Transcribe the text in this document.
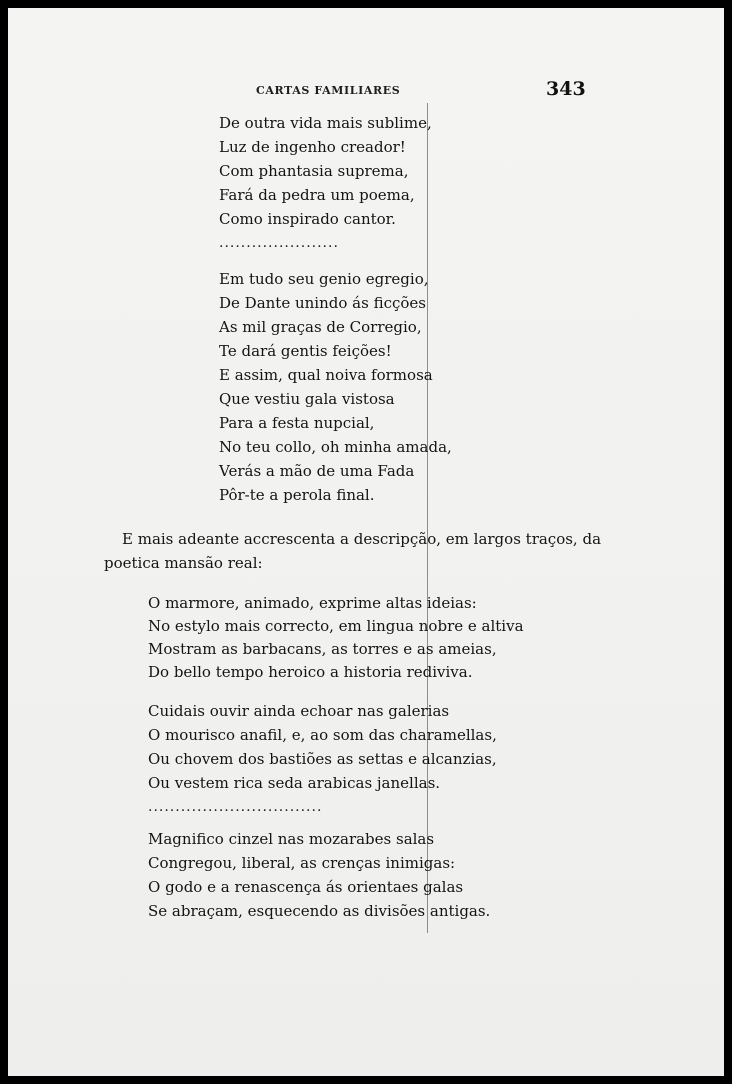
CARTAS FAMILIARES	343
De outra vida mais sublime,
Luz de ingenho creador!
Com phantasia suprema,
Fará da pedra um poema,
Como inspirado cantor.
......................
Em tudo seu genio egregio,
De Dante unindo ás ficções
As mil graças de Corregio,
Te dará gentis feições!
E assim, qual noiva formosa
Que vestiu gala vistosa
Para a festa nupcial,
No teu collo, oh minha amada,
Verás a mão de uma Fada
Pôr-te a perola final.
E mais adeante accrescenta a descripção, em largos traços, da
poetica mansão real:
O marmore, animado, exprime altas ideias:
No estylo mais correcto, em lingua nobre e altiva
Mostram as barbacans, as torres e as ameias,
Do bello tempo heroico a historia rediviva.
Cuidais ouvir ainda echoar nas galerias
O mourisco anafil, e, ao som das charamellas,
Ou chovem dos bastiões as settas e alcanzias,
Ou vestem rica seda arabicas janellas.
................................
Magnifico cinzel nas mozarabes salas
Congregou, liberal, as crenças inimigas:
O godo e a renascença ás orientaes galas
Se abraçam, esquecendo as divisões antigas.
